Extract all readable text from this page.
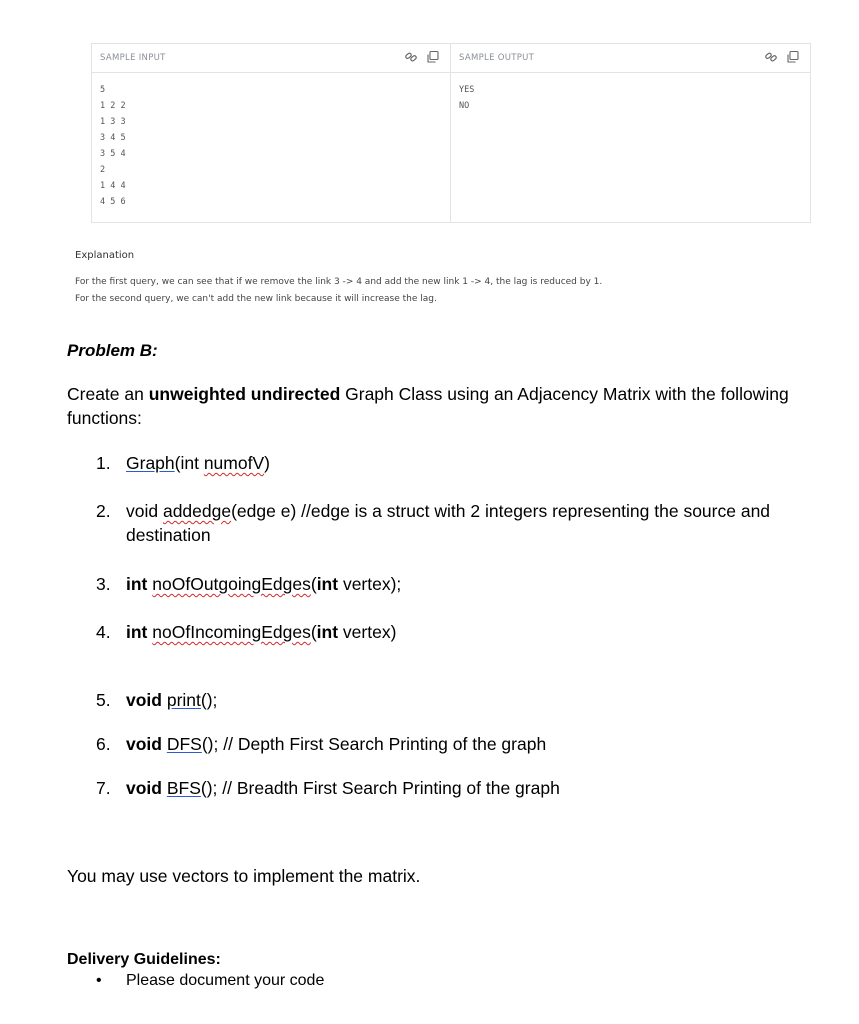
SAMPLE INPUT
5
1 2 2
1 3 3
3 4 5
3 5 4
2
1 4 4
4 5 6
SAMPLE OUTPUT
YES
NO
Explanation
For the first query, we can see that if we remove the link 3 -> 4 and add the new link 1 -> 4, the lag is reduced by 1.
For the second query, we can't add the new link because it will increase the lag.
Problem B:
Create an unweighted undirected Graph Class using an Adjacency Matrix with the following functions:
1. Graph(int numofV)
2. void addedge(edge e) //edge is a struct with 2 integers representing the source and destination
3. int noOfOutgoingEdges(int vertex);
4. int noOfIncomingEdges(int vertex)
5. void print();
6. void DFS(); // Depth First Search Printing of the graph
7. void BFS(); // Breadth First Search Printing of the graph
You may use vectors to implement the matrix.
Delivery Guidelines:
• Please document your code
